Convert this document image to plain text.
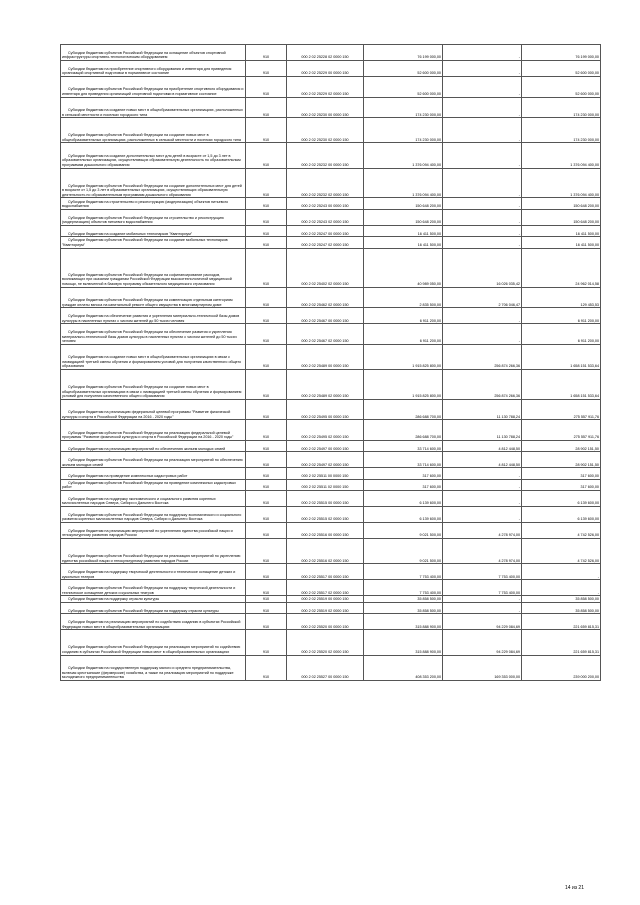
Субсидии бюджетам субъектов Российской Федерации на оснащение объектов спортивной инфраструктуры спортивно-технологическим оборудованием	910	000 2 02 25228 02 0000 150	76 199 000,00	-	76 199 000,00

Субсидии бюджетам на приобретение спортивного оборудования и инвентаря для приведения организаций спортивной подготовки в нормативное состояние	910	000 2 02 25229 00 0000 150	52 600 000,00	-	52 600 000,00

Субсидии бюджетам субъектов Российской Федерации на приобретение спортивного оборудования и инвентаря для приведения организаций спортивной подготовки в нормативное состояние	910	000 2 02 25229 02 0000 150	52 600 000,00	-	52 600 000,00

Субсидии бюджетам на создание новых мест в общеобразовательных организациях, расположенных в сельской местности и поселках городского типа	910	000 2 02 25230 00 0000 150	174 230 000,00	-	174 230 000,00

Субсидии бюджетам субъектов Российской Федерации на создание новых мест в общеобразовательных организациях, расположенных в сельской местности и поселках городского типа	910	000 2 02 25230 02 0000 150	174 230 000,00	-	174 230 000,00

Субсидии бюджетам на создание дополнительных мест для детей в возрасте от 1,5 до 3 лет в образовательных организациях, осуществляющих образовательную деятельность по образовательным программам дошкольного образования	910	000 2 02 25232 00 0000 150	1 376 094 400,00	-	1 376 094 400,00

Субсидии бюджетам субъектов Российской Федерации на создание дополнительных мест для детей в возрасте от 1,5 до 3 лет в образовательных организациях, осуществляющих образовательную деятельность по образовательным программам дошкольного образования	910	000 2 02 25232 02 0000 150	1 376 094 400,00	-	1 376 094 400,00

Субсидии бюджетам на строительство и реконструкцию (модернизацию) объектов питьевого водоснабжения	910	000 2 02 25243 00 0000 150	150 648 200,00	-	150 648 200,00

Субсидии бюджетам субъектов Российской Федерации на строительство и реконструкцию (модернизацию) объектов питьевого водоснабжения	910	000 2 02 25243 02 0000 150	150 648 200,00	-	150 648 200,00

Субсидии бюджетам на создание мобильных технопарков "Кванториум"	910	000 2 02 25247 00 0000 150	16 411 500,00	-	16 411 500,00

Субсидии бюджетам субъектов Российской Федерации на создание мобильных технопарков "Кванториум"	910	000 2 02 25247 02 0000 150	16 411 500,00	-	16 411 500,00

Субсидии бюджетам субъектов Российской Федерации на софинансирование расходов, возникающих при оказании гражданам Российской Федерации высокотехнологичной медицинской помощи, не включенной в базовую программу обязательного медицинского страхования	910	000 2 02 25402 02 0000 150	40 989 050,00	16 026 035,42	24 962 014,58

Субсидии бюджетам субъектов Российской Федерации на компенсацию отдельным категориям граждан оплаты взноса на капитальный ремонт общего имущества в многоквартирном доме	910	000 2 02 25462 02 0000 150	2 835 500,00	2 706 046,47	129 453,53

Субсидии бюджетам на обеспечение развития и укрепления материально-технической базы домов культуры в населенных пунктах с числом жителей до 50 тысяч человек	910	000 2 02 25467 00 0000 150	6 911 200,00	-	6 911 200,00

Субсидии бюджетам субъектов Российской Федерации на обеспечение развития и укрепления материально-технической базы домов культуры в населенных пунктах с числом жителей до 50 тысяч человек	910	000 2 02 25467 02 0000 150	6 911 200,00	-	6 911 200,00

Субсидии бюджетам на создание новых мест в общеобразовательных организациях в связи с ликвидацией третьей смены обучения и формированием условий для получения качественного общего образования	910	000 2 02 25489 00 0000 150	1 915 825 800,00	256 874 266,36	1 658 151 533,64

Субсидии бюджетам субъектов Российской Федерации на создание новых мест в общеобразовательных организациях в связи с ликвидацией третьей смены обучения и формированием условий для получения качественного общего образования	910	000 2 02 25489 02 0000 150	1 915 825 800,00	256 874 266,36	1 658 151 533,64

Субсидии бюджетам на реализацию федеральной целевой программы "Развитие физической культуры и спорта в Российской Федерации на 2016 - 2020 годы"	910	000 2 02 25495 00 0000 150	286 688 700,00	11 130 788,24	275 557 911,76

Субсидии бюджетам субъектов Российской Федерации на реализацию федеральной целевой программы "Развитие физической культуры и спорта в Российской Федерации на 2016 - 2020 годы"	910	000 2 02 25495 02 0000 150	286 688 700,00	11 130 788,24	275 557 911,76

Субсидии бюджетам на реализацию мероприятий по обеспечению жильем молодых семей	910	000 2 02 25497 00 0000 150	33 714 600,00	4 812 448,50	28 902 151,50

Субсидии бюджетам субъектов Российской Федерации на реализацию мероприятий по обеспечению жильем молодых семей	910	000 2 02 25497 02 0000 150	33 714 600,00	4 812 448,50	28 902 151,50

Субсидии бюджетам на проведение комплексных кадастровых работ	910	000 2 02 25511 00 0000 150	317 600,00	-	317 600,00

Субсидии бюджетам субъектов Российской Федерации на проведение комплексных кадастровых работ	910	000 2 02 25511 02 0000 150	317 600,00	-	317 600,00

Субсидии бюджетам на поддержку экономического и социального развития коренных малочисленных народов Севера, Сибири и Дальнего Востока	910	000 2 02 25515 00 0000 150	6 139 600,00	-	6 139 600,00

Субсидии бюджетам субъектов Российской Федерации на поддержку экономического и социального развития коренных малочисленных народов Севера, Сибири и Дальнего Востока	910	000 2 02 25515 02 0000 150	6 139 600,00	-	6 139 600,00

Субсидии бюджетам на реализацию мероприятий по укреплению единства российской нации и этнокультурному развитию народов России	910	000 2 02 25516 00 0000 150	9 021 500,00	4 278 974,00	4 742 526,00

Субсидии бюджетам субъектов Российской Федерации на реализацию мероприятий по укреплению единства российской нации и этнокультурному развитию народов России	910	000 2 02 25516 02 0000 150	9 021 500,00	4 278 974,00	4 742 526,00

Субсидии бюджетам на поддержку творческой деятельности и техническое оснащение детских и кукольных театров	910	000 2 02 25517 00 0000 150	7 753 400,00	7 753 400,00	-

Субсидии бюджетам субъектов Российской Федерации на поддержку творческой деятельности и техническое оснащение детских и кукольных театров	910	000 2 02 25517 02 0000 150	7 753 400,00	7 753 400,00	-

Субсидии бюджетам на поддержку отрасли культуры	910	000 2 02 25519 00 0000 150	35 858 500,00	-	35 858 500,00

Субсидии бюджетам субъектов Российской Федерации на поддержку отрасли культуры	910	000 2 02 25519 02 0000 150	35 858 500,00	-	35 858 500,00

Субсидии бюджетам на реализацию мероприятий по содействию созданию в субъектах Российской Федерации новых мест в общеобразовательных организациях	910	000 2 02 25520 00 0000 150	315 888 900,00	94 229 084,69	221 659 815,31

Субсидии бюджетам субъектов Российской Федерации на реализацию мероприятий по содействию созданию в субъектах Российской Федерации новых мест в общеобразовательных организациях	910	000 2 02 25520 02 0000 150	315 888 900,00	94 229 084,69	221 659 815,31

Субсидии бюджетам на государственную поддержку малого и среднего предпринимательства, включая крестьянские (фермерские) хозяйства, а также на реализацию мероприятий по поддержке молодежного предпринимательства	910	000 2 02 25527 00 0000 150	408 353 200,00	169 353 000,00	239 000 200,00
14 из 21
